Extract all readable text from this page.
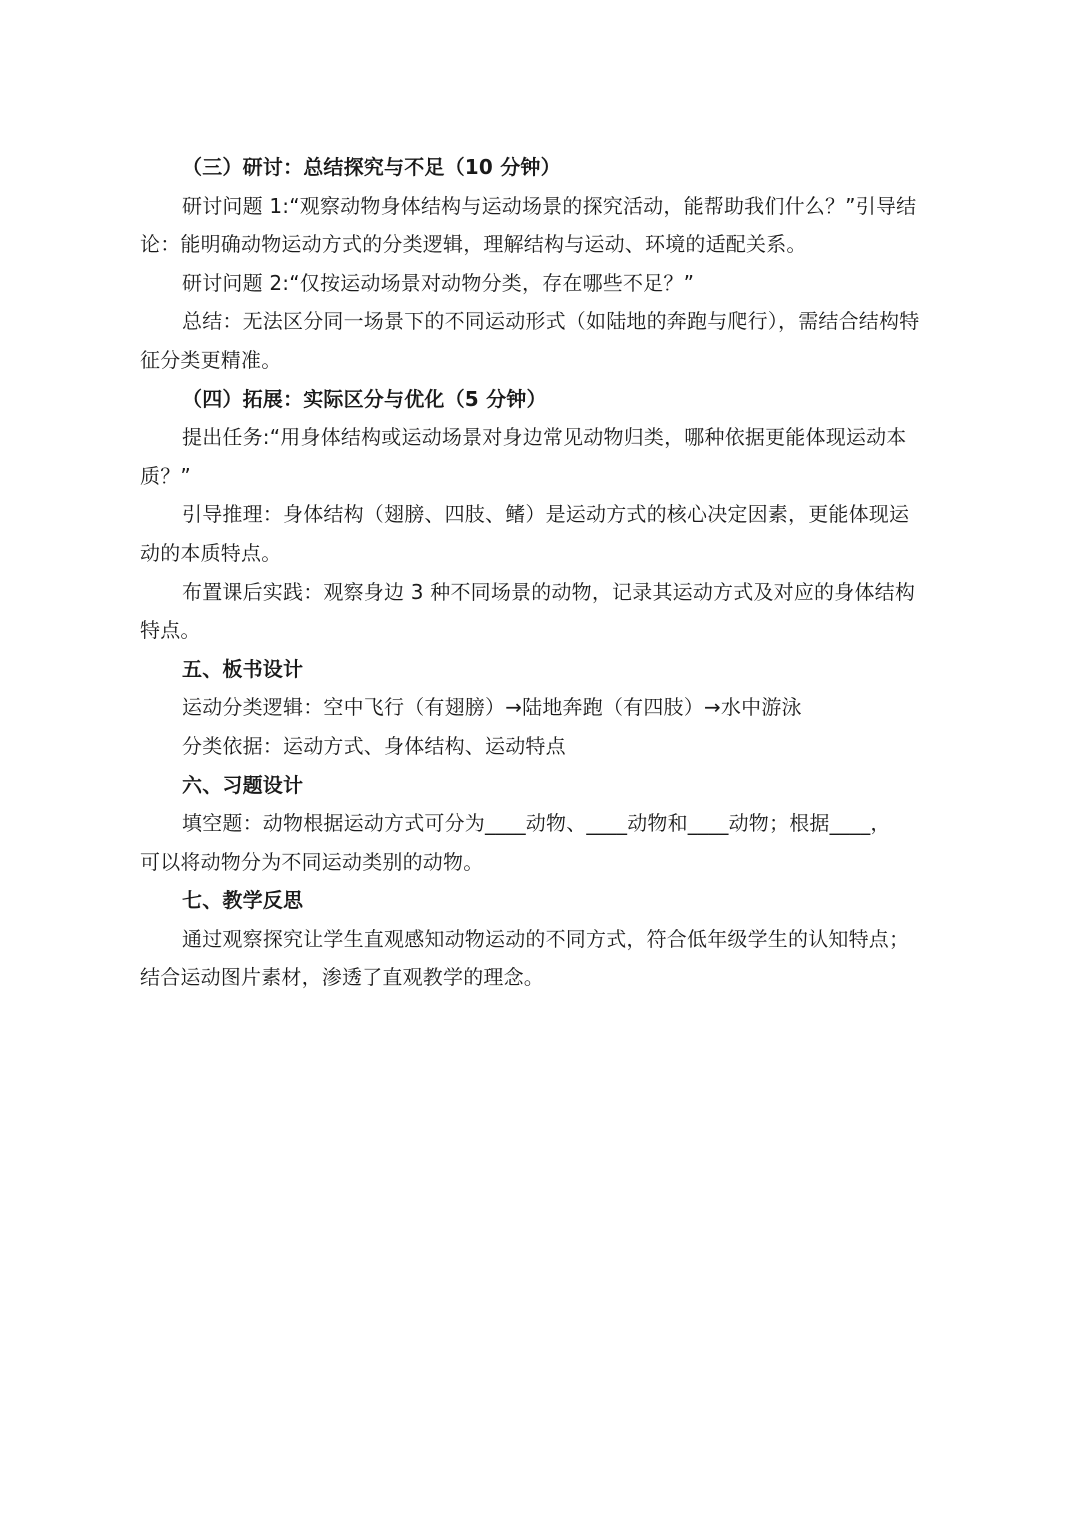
（三）研讨：总结探究与不足（10 分钟）
研讨问题 1:“观察动物身体结构与运动场景的探究活动，能帮助我们什么？”引导结
论：能明确动物运动方式的分类逻辑，理解结构与运动、环境的适配关系。
研讨问题 2:“仅按运动场景对动物分类，存在哪些不足？”
总结：无法区分同一场景下的不同运动形式（如陆地的奔跑与爬行），需结合结构特
征分类更精准。
（四）拓展：实际区分与优化（5 分钟）
提出任务:“用身体结构或运动场景对身边常见动物归类，哪种依据更能体现运动本
质？”
引导推理：身体结构（翅膀、四肢、鳍）是运动方式的核心决定因素，更能体现运
动的本质特点。
布置课后实践：观察身边 3 种不同场景的动物，记录其运动方式及对应的身体结构
特点。
五、板书设计
运动分类逻辑：空中飞行（有翅膀）→陆地奔跑（有四肢）→水中游泳
分类依据：运动方式、身体结构、运动特点
六、习题设计
填空题：动物根据运动方式可分为____动物、____动物和____动物；根据____，
可以将动物分为不同运动类别的动物。
七、教学反思
通过观察探究让学生直观感知动物运动的不同方式，符合低年级学生的认知特点；
结合运动图片素材，渗透了直观教学的理念。
